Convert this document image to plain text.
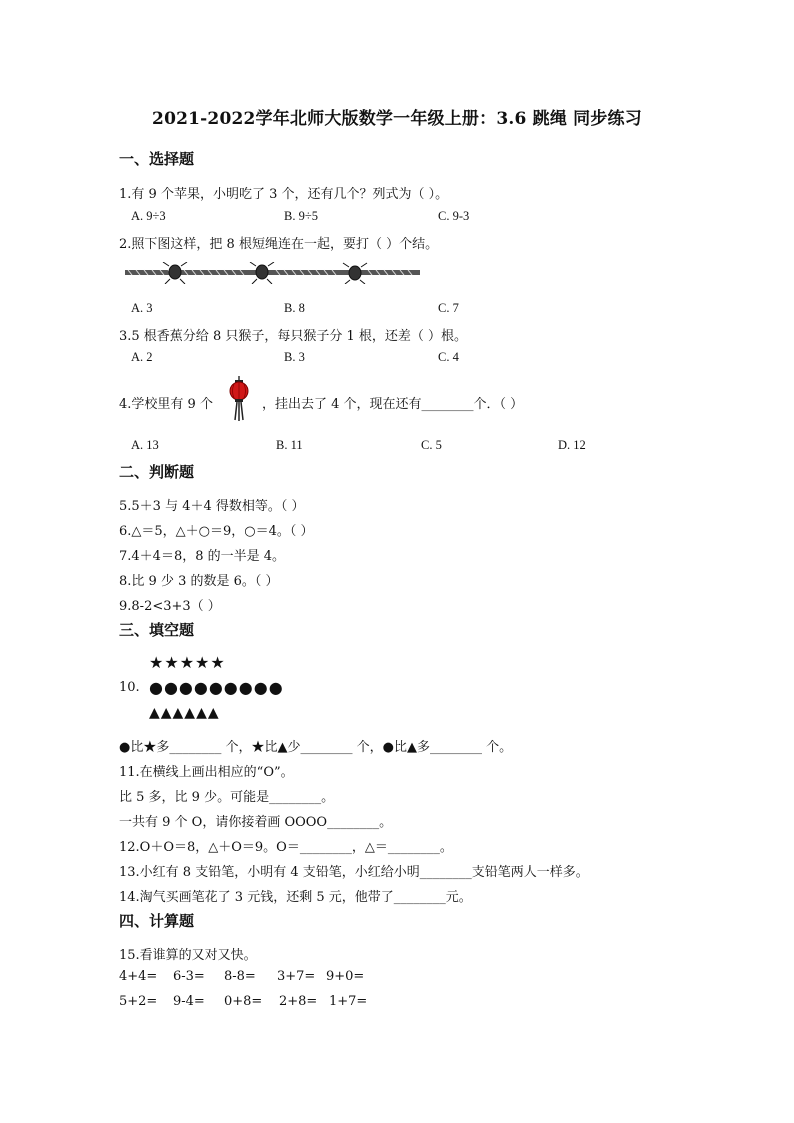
2021-2022学年北师大版数学一年级上册：3.6 跳绳 同步练习
一、选择题
1.有 9 个苹果，小明吃了 3 个，还有几个？列式为（ ）。
A. 9÷3	B. 9÷5	C. 9-3
2.照下图这样，把 8 根短绳连在一起，要打（ ）个结。
A. 3	B. 8	C. 7
3.5 根香蕉分给 8 只猴子，每只猴子分 1 根，还差（ ）根。
A. 2	B. 3	C. 4
4.学校里有 9 个	，挂出去了 4 个，现在还有________个．（ ）
A. 13	B. 11	C. 5	D. 12
二、判断题
5.5＋3 与 4＋4 得数相等。（ ）
6.△＝5，△＋○＝9，○＝4。（ ）
7.4＋4＝8，8 的一半是 4。
8.比 9 少 3 的数是 6。（ ）
9.8-2<3+3（ ）
三、填空题
★★★★★
10. ●●●●●●●●●
▲▲▲▲▲▲
●比★多________ 个，★比▲少________ 个，●比▲多________ 个。
11.在横线上画出相应的“O”。
比 5 多，比 9 少。可能是________。
一共有 9 个 O，请你接着画 OOOO________。
12.O＋O＝8，△＋O＝9。O＝________，△＝________。
13.小红有 8 支铅笔，小明有 4 支铅笔，小红给小明________支铅笔两人一样多。
14.淘气买画笔花了 3 元钱，还剩 5 元，他带了________元。
四、计算题
15.看谁算的又对又快。
4+4= 6-3= 8-8= 3+7= 9+0=
5+2= 9-4= 0+8= 2+8= 1+7=
